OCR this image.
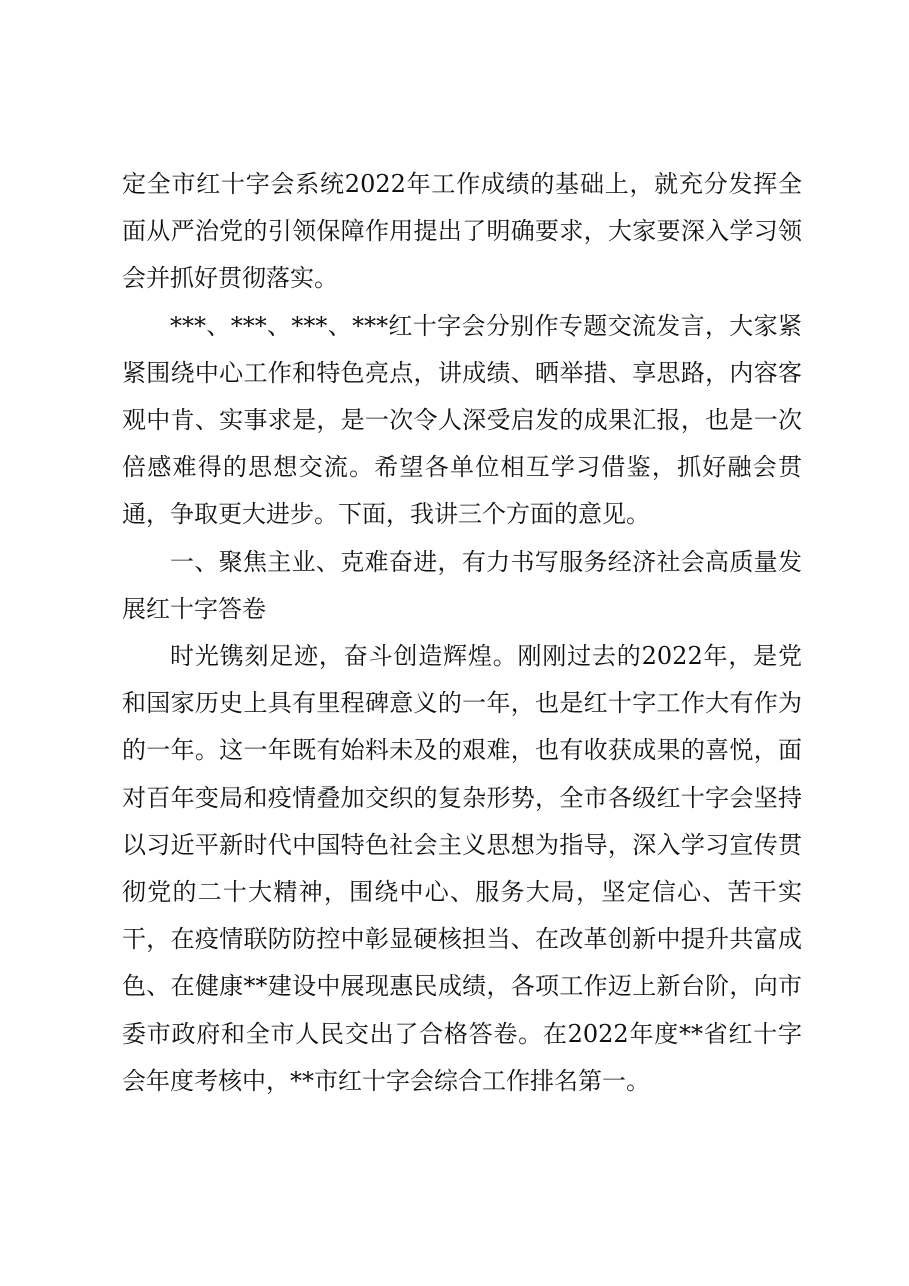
定全市红十字会系统2022年工作成绩的基础上，就充分发挥全面从严治党的引领保障作用提出了明确要求，大家要深入学习领会并抓好贯彻落实。

***、***、***、***红十字会分别作专题交流发言，大家紧紧围绕中心工作和特色亮点，讲成绩、晒举措、享思路，内容客观中肯、实事求是，是一次令人深受启发的成果汇报，也是一次倍感难得的思想交流。希望各单位相互学习借鉴，抓好融会贯通，争取更大进步。下面，我讲三个方面的意见。

一、聚焦主业、克难奋进，有力书写服务经济社会高质量发展红十字答卷

时光镌刻足迹，奋斗创造辉煌。刚刚过去的2022年，是党和国家历史上具有里程碑意义的一年，也是红十字工作大有作为的一年。这一年既有始料未及的艰难，也有收获成果的喜悦，面对百年变局和疫情叠加交织的复杂形势，全市各级红十字会坚持以习近平新时代中国特色社会主义思想为指导，深入学习宣传贯彻党的二十大精神，围绕中心、服务大局，坚定信心、苦干实干，在疫情联防防控中彰显硬核担当、在改革创新中提升共富成色、在健康**建设中展现惠民成绩，各项工作迈上新台阶，向市委市政府和全市人民交出了合格答卷。在2022年度**省红十字会年度考核中，**市红十字会综合工作排名第一。
